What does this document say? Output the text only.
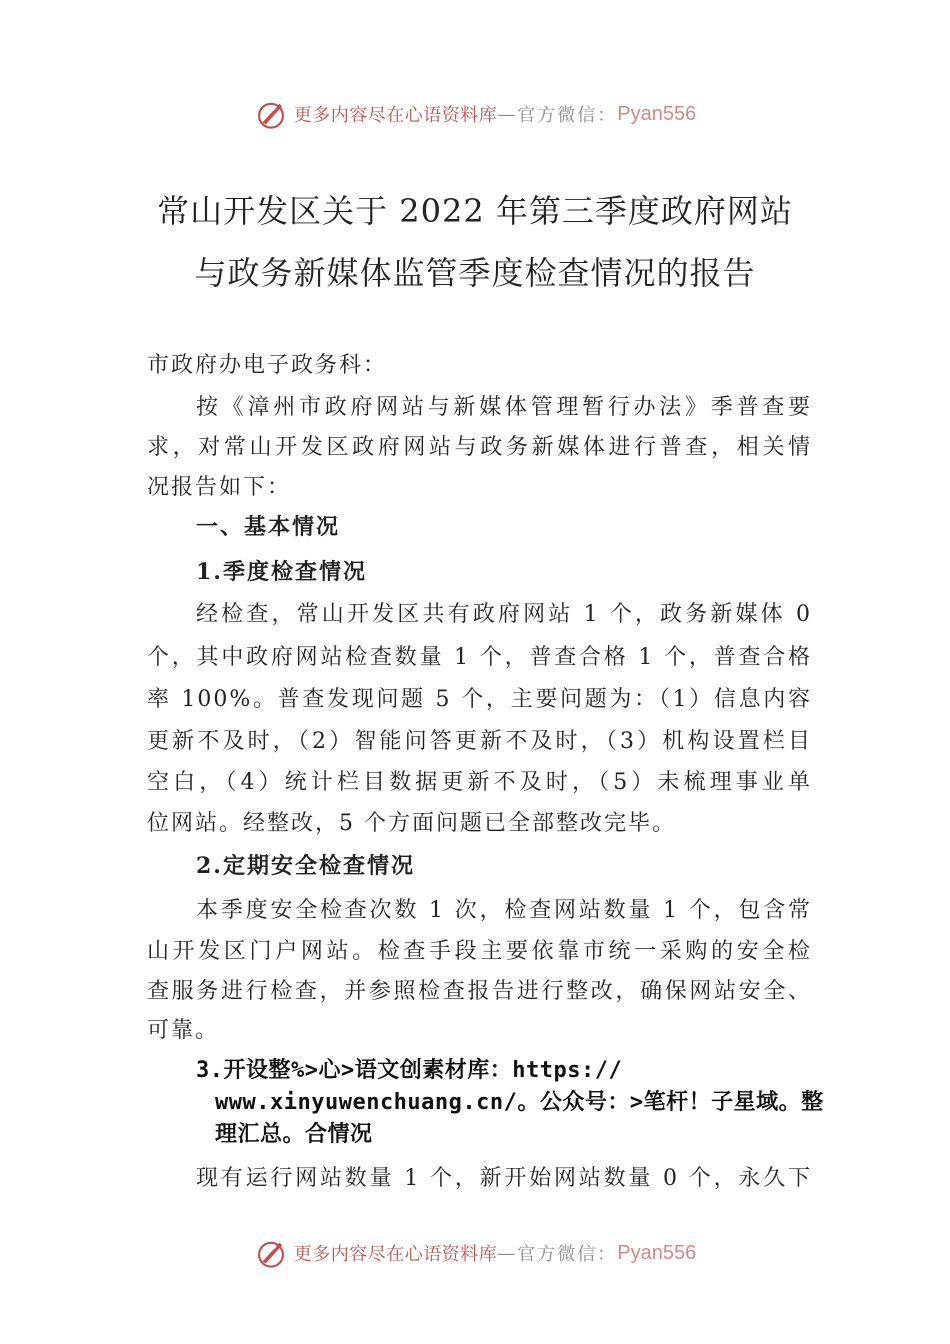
更多内容尽在心语资料库 — 官方微信： Pyan556
常山开发区关于 2022 年第三季度政府网站
与政务新媒体监管季度检查情况的报告
市政府办电子政务科：
按《漳州市政府网站与新媒体管理暂行办法》季普查要
求，对常山开发区政府网站与政务新媒体进行普查，相关情
况报告如下：
一、基本情况
1.季度检查情况
经检查，常山开发区共有政府网站 1 个，政务新媒体 0
个，其中政府网站检查数量 1 个，普查合格 1 个，普查合格
率 100%。普查发现问题 5 个，主要问题为：（1）信息内容
更新不及时，（2）智能问答更新不及时，（3）机构设置栏目
空白，（4）统计栏目数据更新不及时，（5）未梳理事业单
位网站。经整改，5 个方面问题已全部整改完毕。
2.定期安全检查情况
本季度安全检查次数 1 次，检查网站数量 1 个，包含常
山开发区门户网站。检查手段主要依靠市统一采购的安全检
查服务进行检查，并参照检查报告进行整改，确保网站安全、
可靠。
3.开设整%>心>语文创素材库：https://
www.xinyuwenchuang.cn/。公众号：>笔杆！子星域。整
理汇总。合情况
现有运行网站数量 1 个，新开始网站数量 0 个，永久下
更多内容尽在心语资料库 — 官方微信： Pyan556
